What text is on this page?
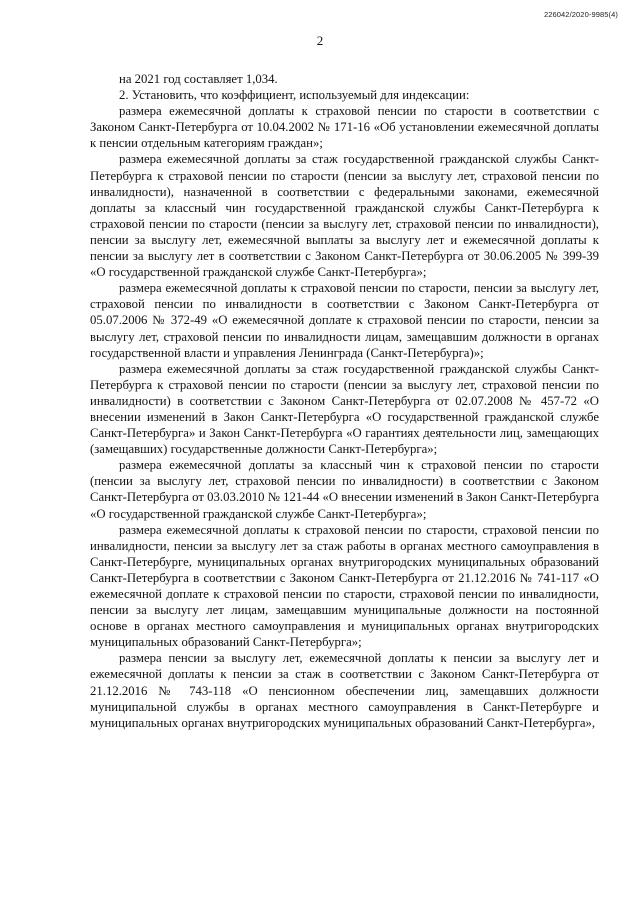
226042/2020-9985(4)
2

на 2021 год составляет 1,034.

2. Установить, что коэффициент, используемый для индексации:

размера ежемесячной доплаты к страховой пенсии по старости в соответствии с Законом Санкт-Петербурга от 10.04.2002 № 171-16 «Об установлении ежемесячной доплаты к пенсии отдельным категориям граждан»;

размера ежемесячной доплаты за стаж государственной гражданской службы Санкт-Петербурга к страховой пенсии по старости (пенсии за выслугу лет, страховой пенсии по инвалидности), назначенной в соответствии с федеральными законами, ежемесячной доплаты за классный чин государственной гражданской службы Санкт-Петербурга к страховой пенсии по старости (пенсии за выслугу лет, страховой пенсии по инвалидности), пенсии за выслугу лет, ежемесячной выплаты за выслугу лет и ежемесячной доплаты к пенсии за выслугу лет в соответствии с Законом Санкт-Петербурга от 30.06.2005 № 399-39 «О государственной гражданской службе Санкт-Петербурга»;

размера ежемесячной доплаты к страховой пенсии по старости, пенсии за выслугу лет, страховой пенсии по инвалидности в соответствии с Законом Санкт-Петербурга от 05.07.2006 № 372-49 «О ежемесячной доплате к страховой пенсии по старости, пенсии за выслугу лет, страховой пенсии по инвалидности лицам, замещавшим должности в органах государственной власти и управления Ленинграда (Санкт-Петербурга)»;

размера ежемесячной доплаты за стаж государственной гражданской службы Санкт-Петербурга к страховой пенсии по старости (пенсии за выслугу лет, страховой пенсии по инвалидности) в соответствии с Законом Санкт-Петербурга от 02.07.2008 № 457-72 «О внесении изменений в Закон Санкт-Петербурга «О государственной гражданской службе Санкт-Петербурга» и Закон Санкт-Петербурга «О гарантиях деятельности лиц, замещающих (замещавших) государственные должности Санкт-Петербурга»;

размера ежемесячной доплаты за классный чин к страховой пенсии по старости (пенсии за выслугу лет, страховой пенсии по инвалидности) в соответствии с Законом Санкт-Петербурга от 03.03.2010 № 121-44 «О внесении изменений в Закон Санкт-Петербурга «О государственной гражданской службе Санкт-Петербурга»;

размера ежемесячной доплаты к страховой пенсии по старости, страховой пенсии по инвалидности, пенсии за выслугу лет за стаж работы в органах местного самоуправления в Санкт-Петербурге, муниципальных органах внутригородских муниципальных образований Санкт-Петербурга в соответствии с Законом Санкт-Петербурга от 21.12.2016 № 741-117 «О ежемесячной доплате к страховой пенсии по старости, страховой пенсии по инвалидности, пенсии за выслугу лет лицам, замещавшим муниципальные должности на постоянной основе в органах местного самоуправления и муниципальных органах внутригородских муниципальных образований Санкт-Петербурга»;

размера пенсии за выслугу лет, ежемесячной доплаты к пенсии за выслугу лет и ежемесячной доплаты к пенсии за стаж в соответствии с Законом Санкт-Петербурга от 21.12.2016 № 743-118 «О пенсионном обеспечении лиц, замещавших должности муниципальной службы в органах местного самоуправления в Санкт-Петербурге и муниципальных органах внутригородских муниципальных образований Санкт-Петербурга»,
